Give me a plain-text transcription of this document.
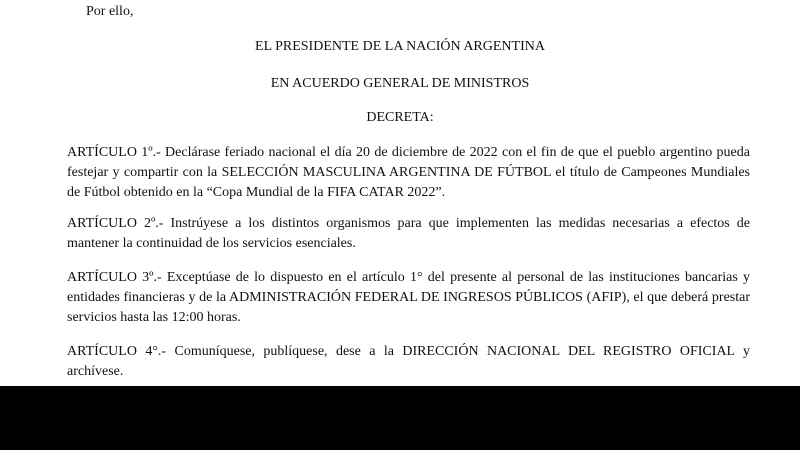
Por ello,

EL PRESIDENTE DE LA NACIÓN ARGENTINA

EN ACUERDO GENERAL DE MINISTROS

DECRETA:

ARTÍCULO 1º.- Declárase feriado nacional el día 20 de diciembre de 2022 con el fin de que el pueblo argentino pueda festejar y compartir con la SELECCIÓN MASCULINA ARGENTINA DE FÚTBOL el título de Campeones Mundiales de Fútbol obtenido en la “Copa Mundial de la FIFA CATAR 2022”.

ARTÍCULO 2º.- Instrúyese a los distintos organismos para que implementen las medidas necesarias a efectos de mantener la continuidad de los servicios esenciales.

ARTÍCULO 3º.- Exceptúase de lo dispuesto en el artículo 1° del presente al personal de las instituciones bancarias y entidades financieras y de la ADMINISTRACIÓN FEDERAL DE INGRESOS PÚBLICOS (AFIP), el que deberá prestar servicios hasta las 12:00 horas.

ARTÍCULO 4°.- Comuníquese, publíquese, dese a la DIRECCIÓN NACIONAL DEL REGISTRO OFICIAL y archívese.
